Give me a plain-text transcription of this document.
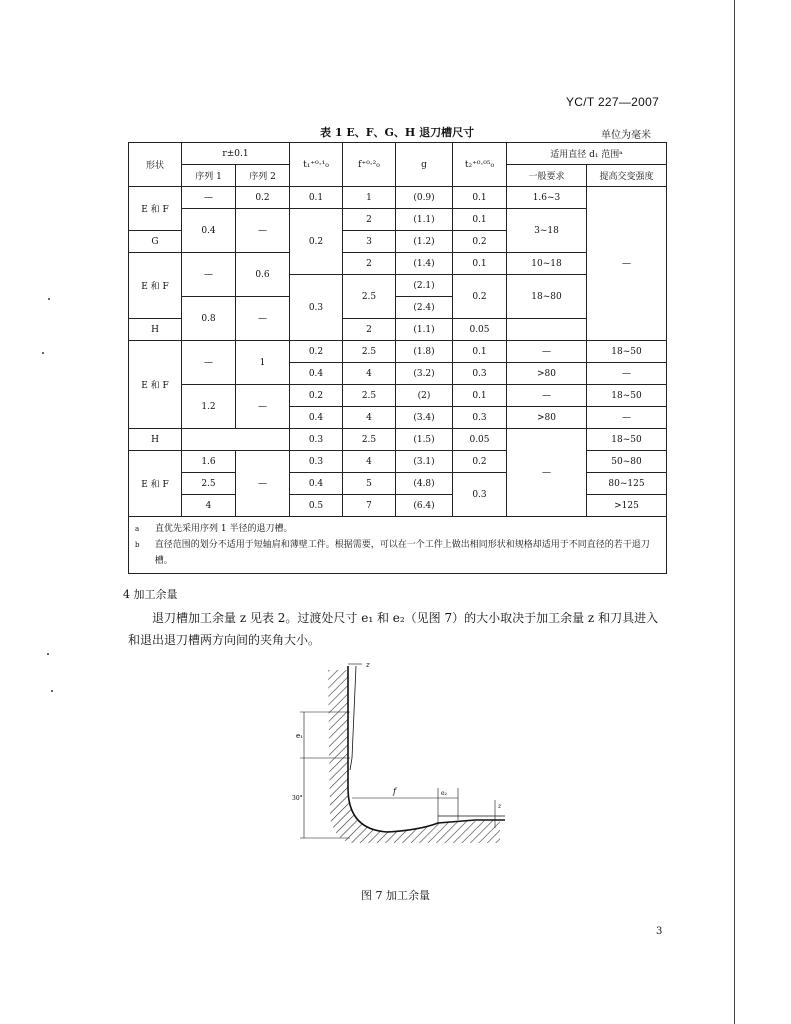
YC/T 227—2007
表 1 E、F、G、H 退刀槽尺寸	单位为毫米
形状	r±0.1		t₁⁺⁰·¹₀	f⁺⁰·²₀	g	t₂⁺⁰·⁰⁵₀	适用直径 d₁ 范围ᵃ	
	序列 1	序列 2					一般要求	提高交变强度
E 和 F	—	0.2	0.1	1	(0.9)	0.1	1.6~3	—
	0.4	—	0.2	2	(1.1)	0.1	3~18	
G				3	(1.2)	0.2		
E 和 F	—	0.6		2	(1.4)	0.1	10~18	
			0.3	2.5	(2.1)	0.2	18~80	
	0.8	—			(2.4)			
H				2	(1.1)	0.05		
E 和 F	—	1	0.2	2.5	(1.8)	0.1	—	18~50
			0.4	4	(3.2)	0.3	>80	—
	1.2	—	0.2	2.5	(2)	0.1	—	18~50
			0.4	4	(3.4)	0.3	>80	—
H			0.3	2.5	(1.5)	0.05	—	18~50
E 和 F	1.6	—	0.3	4	(3.1)	0.2		50~80
	2.5		0.4	5	(4.8)	0.3		80~125
	4		0.5	7	(6.4)			>125

a 直优先采用序列 1 半径的退刀槽。
b 直径范围的划分不适用于短轴肩和薄壁工件。根据需要，可以在一个工件上做出相同形状和规格却适用于不同直径的若干退刀槽。								
4 加工余量
退刀槽加工余量 z 见表 2。过渡处尺寸 e₁ 和 e₂（见图 7）的大小取决于加工余量 z 和刀具进入和退出退刀槽两方向间的夹角大小。
e₁
30°
z
f	e₂
z
图 7 加工余量
3
